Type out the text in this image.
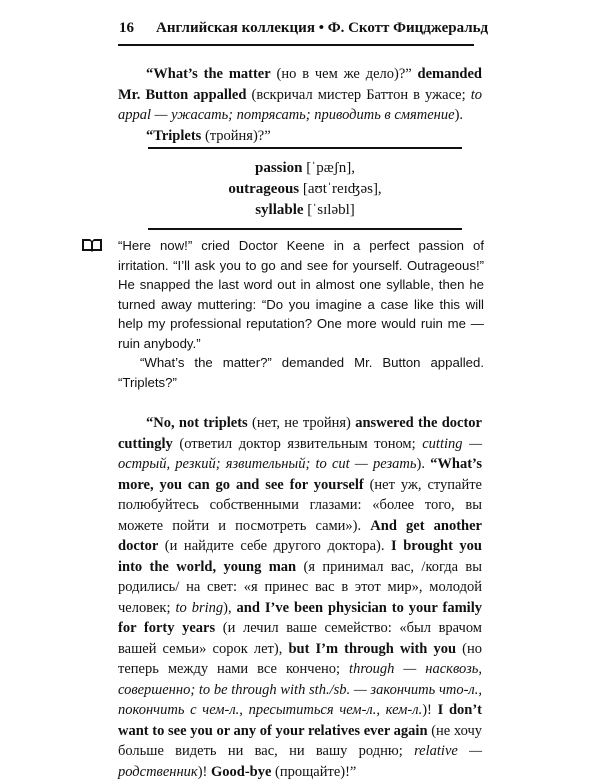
16 Английская коллекция • Ф. Скотт Фицджеральд

“What’s the matter (но в чем же дело)?” demanded Mr. Button appalled (вскричал мистер Баттон в ужасе; to appal — ужасать; потрясать; приводить в смятение).

“Triplets (тройня)?”

passion [ˈpæʃn],
outrageous [aʊtˈreɪʤəs],
syllable [ˈsɪləbl]

“Here now!” cried Doctor Keene in a perfect passion of irritation. “I’ll ask you to go and see for yourself. Outrageous!” He snapped the last word out in almost one syllable, then he turned away muttering: “Do you imagine a case like this will help my professional reputation? One more would ruin me — ruin anybody.”

“What’s the matter?” demanded Mr. Button appalled. “Triplets?”

“No, not triplets (нет, не тройня) answered the doctor cuttingly (ответил доктор язвительным тоном; cutting — острый, резкий; язвительный; to cut — резать). “What’s more, you can go and see for yourself (нет уж, ступайте полюбуйтесь собственными глазами: «более того, вы можете пойти и посмотреть сами»). And get another doctor (и найдите себе другого доктора). I brought you into the world, young man (я принимал вас, /когда вы родились/ на свет: «я принес вас в этот мир», молодой человек; to bring), and I’ve been physician to your family for forty years (и лечил ваше семейство: «был врачом вашей семьи» сорок лет), but I’m through with you (но теперь между нами все кончено; through — насквозь, совершенно; to be through with sth./sb. — закончить что-л., покончить с чем-л., пресытиться чем-л., кем-л.)! I don’t want to see you or any of your relatives ever again (не хочу больше видеть ни вас, ни вашу родню; relative — родственник)! Good-bye (прощайте)!”
